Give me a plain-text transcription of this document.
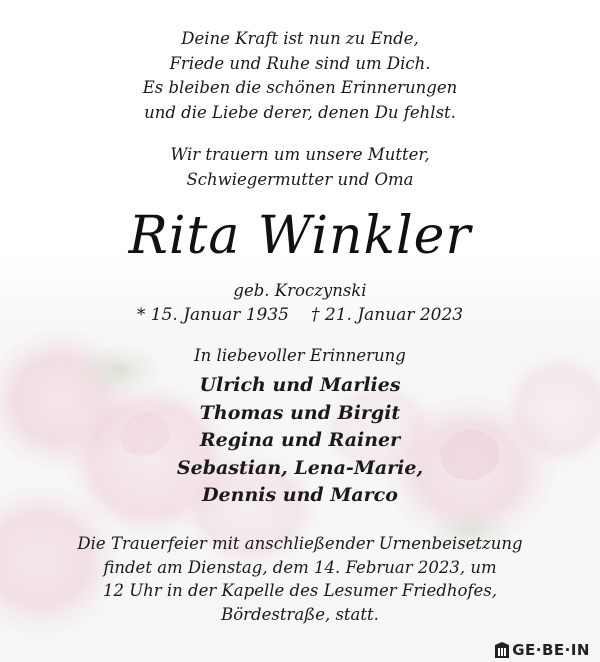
Deine Kraft ist nun zu Ende,
Friede und Ruhe sind um Dich.
Es bleiben die schönen Erinnerungen
und die Liebe derer, denen Du fehlst.
Wir trauern um unsere Mutter,
Schwiegermutter und Oma
Rita Winkler
geb. Kroczynski
* 15. Januar 1935 † 21. Januar 2023
In liebevoller Erinnerung
Ulrich und Marlies
Thomas und Birgit
Regina und Rainer
Sebastian, Lena-Marie,
Dennis und Marco
Die Trauerfeier mit anschließender Urnenbeisetzung
findet am Dienstag, dem 14. Februar 2023, um
12 Uhr in der Kapelle des Lesumer Friedhofes,
Bördestraße, statt.
GE·BE·IN
